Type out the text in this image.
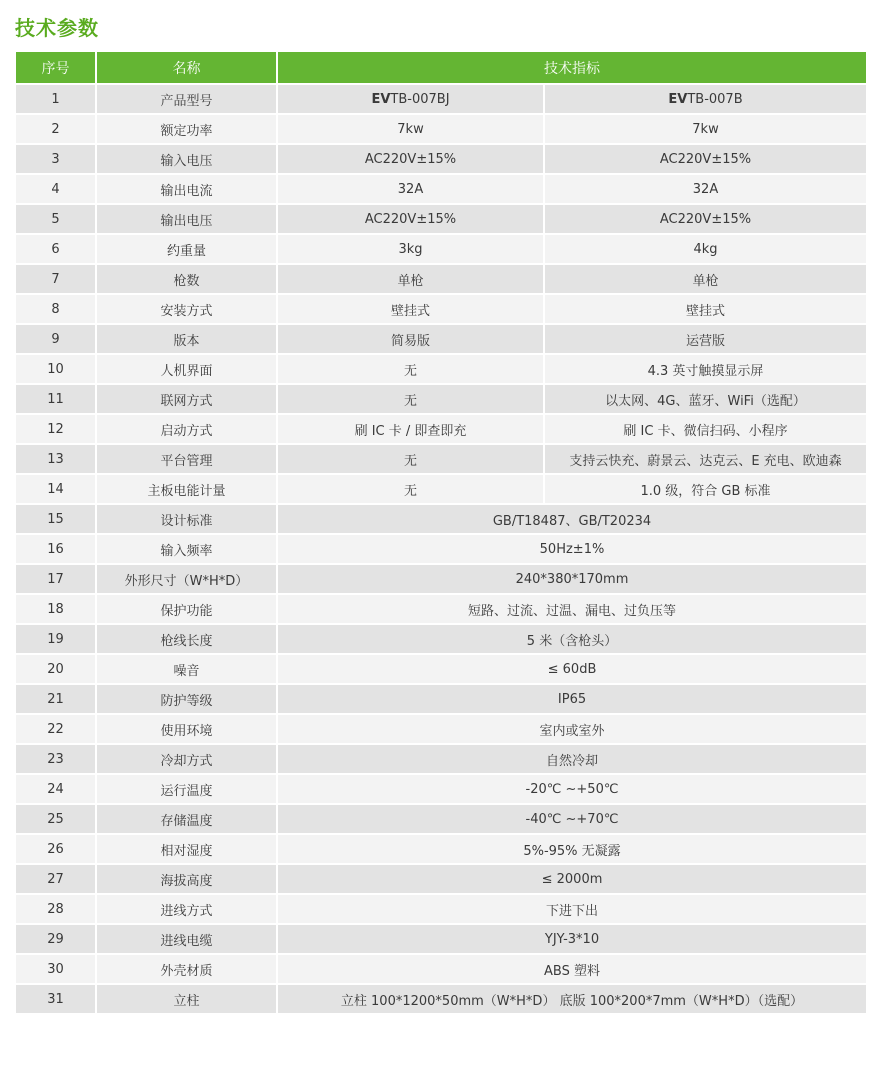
技术参数
序号	名称	技术指标	
1	产品型号	EVTB-007BJ	EVTB-007B
2	额定功率	7kw	7kw
3	输入电压	AC220V±15%	AC220V±15%
4	输出电流	32A	32A
5	输出电压	AC220V±15%	AC220V±15%
6	约重量	3kg	4kg
7	枪数	单枪	单枪
8	安装方式	壁挂式	壁挂式
9	版本	简易版	运营版
10	人机界面	无	4.3 英寸触摸显示屏
11	联网方式	无	以太网、4G、蓝牙、WiFi（选配）
12	启动方式	刷 IC 卡 / 即查即充	刷 IC 卡、微信扫码、小程序
13	平台管理	无	支持云快充、蔚景云、达克云、E 充电、欧迪森
14	主板电能计量	无	1.0 级，符合 GB 标准
15	设计标准	GB/T18487、GB/T20234	
16	输入频率	50Hz±1%	
17	外形尺寸（W*H*D）	240*380*170mm	
18	保护功能	短路、过流、过温、漏电、过负压等	
19	枪线长度	5 米（含枪头）	
20	噪音	≤ 60dB	
21	防护等级	IP65	
22	使用环境	室内或室外	
23	冷却方式	自然冷却	
24	运行温度	-20℃ ~+50℃	
25	存储温度	-40℃ ~+70℃	
26	相对湿度	5%-95% 无凝露	
27	海拔高度	≤ 2000m	
28	进线方式	下进下出	
29	进线电缆	YJY-3*10	
30	外壳材质	ABS 塑料	
31	立柱	立柱 100*1200*50mm（W*H*D） 底版 100*200*7mm（W*H*D）（选配）	
